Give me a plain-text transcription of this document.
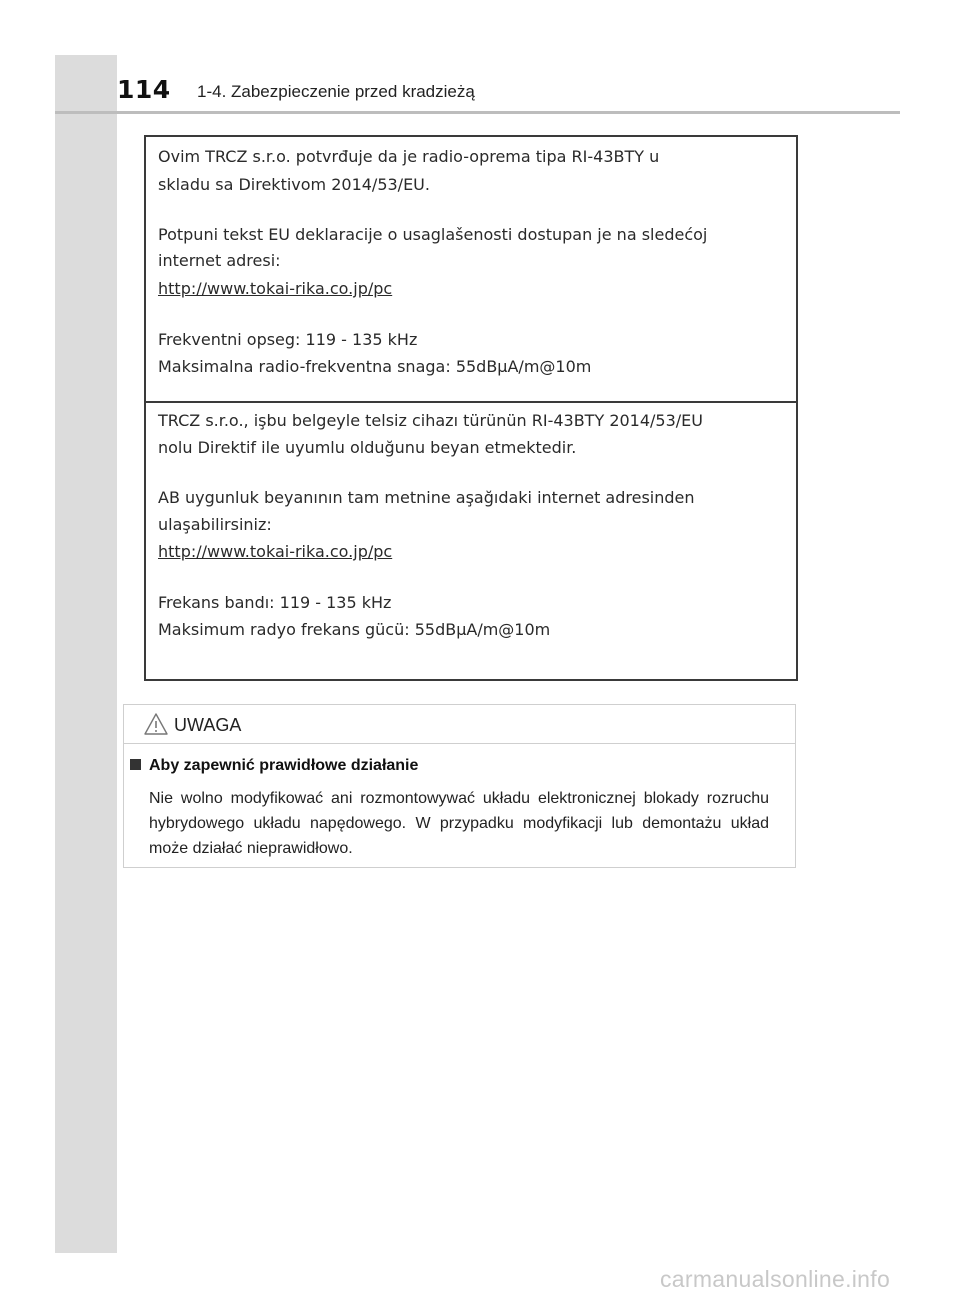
114 1-4. Zabezpieczenie przed kradzieżą
Ovim TRCZ s.r.o. potvrđuje da je radio-oprema tipa RI-43BTY u
skladu sa Direktivom 2014/53/EU.
Potpuni tekst EU deklaracije o usaglašenosti dostupan je na sledećoj
internet adresi:
http://www.tokai-rika.co.jp/pc
Frekventni opseg: 119 - 135 kHz
Maksimalna radio-frekventna snaga: 55dBμA/m@10m
TRCZ s.r.o., işbu belgeyle telsiz cihazı türünün RI-43BTY 2014/53/EU
nolu Direktif ile uyumlu olduğunu beyan etmektedir.
AB uygunluk beyanının tam metnine aşağıdaki internet adresinden
ulaşabilirsiniz:
http://www.tokai-rika.co.jp/pc
Frekans bandı: 119 - 135 kHz
Maksimum radyo frekans gücü: 55dBμA/m@10m
UWAGA
Aby zapewnić prawidłowe działanie
Nie wolno modyfikować ani rozmontowywać układu elektronicznej blokady rozruchu hybrydowego układu napędowego. W przypadku modyfikacji lub demontażu układ może działać nieprawidłowo.
carmanualsonline.info
